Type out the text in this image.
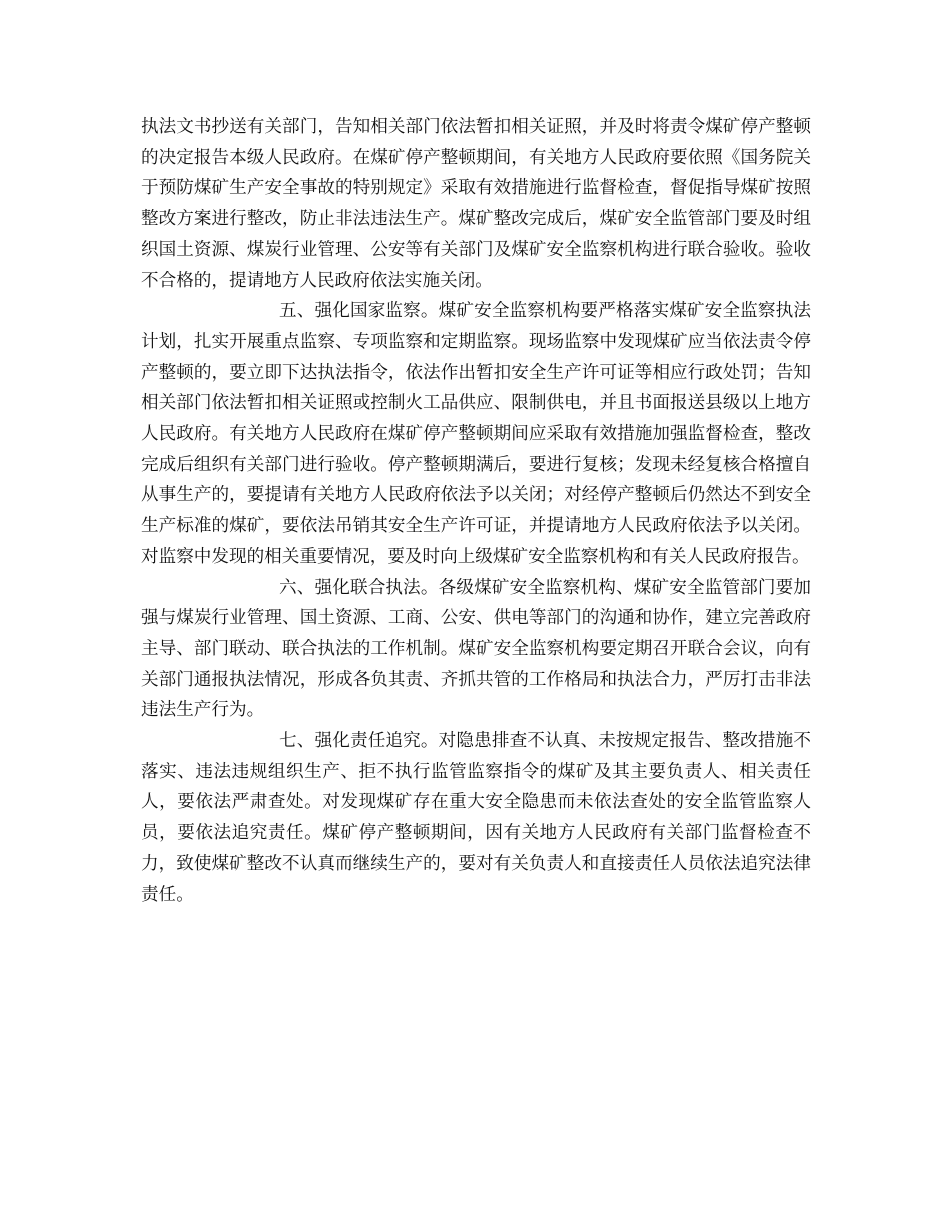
执法文书抄送有关部门，告知相关部门依法暂扣相关证照，并及时将责令煤矿停产整顿的决定报告本级人民政府。在煤矿停产整顿期间，有关地方人民政府要依照《国务院关于预防煤矿生产安全事故的特别规定》采取有效措施进行监督检查，督促指导煤矿按照整改方案进行整改，防止非法违法生产。煤矿整改完成后，煤矿安全监管部门要及时组织国土资源、煤炭行业管理、公安等有关部门及煤矿安全监察机构进行联合验收。验收不合格的，提请地方人民政府依法实施关闭。

五、强化国家监察。煤矿安全监察机构要严格落实煤矿安全监察执法计划，扎实开展重点监察、专项监察和定期监察。现场监察中发现煤矿应当依法责令停产整顿的，要立即下达执法指令，依法作出暂扣安全生产许可证等相应行政处罚；告知相关部门依法暂扣相关证照或控制火工品供应、限制供电，并且书面报送县级以上地方人民政府。有关地方人民政府在煤矿停产整顿期间应采取有效措施加强监督检查，整改完成后组织有关部门进行验收。停产整顿期满后，要进行复核；发现未经复核合格擅自从事生产的，要提请有关地方人民政府依法予以关闭；对经停产整顿后仍然达不到安全生产标准的煤矿，要依法吊销其安全生产许可证，并提请地方人民政府依法予以关闭。对监察中发现的相关重要情况，要及时向上级煤矿安全监察机构和有关人民政府报告。

六、强化联合执法。各级煤矿安全监察机构、煤矿安全监管部门要加强与煤炭行业管理、国土资源、工商、公安、供电等部门的沟通和协作，建立完善政府主导、部门联动、联合执法的工作机制。煤矿安全监察机构要定期召开联合会议，向有关部门通报执法情况，形成各负其责、齐抓共管的工作格局和执法合力，严厉打击非法违法生产行为。

七、强化责任追究。对隐患排查不认真、未按规定报告、整改措施不落实、违法违规组织生产、拒不执行监管监察指令的煤矿及其主要负责人、相关责任人，要依法严肃查处。对发现煤矿存在重大安全隐患而未依法查处的安全监管监察人员，要依法追究责任。煤矿停产整顿期间，因有关地方人民政府有关部门监督检查不力，致使煤矿整改不认真而继续生产的，要对有关负责人和直接责任人员依法追究法律责任。
